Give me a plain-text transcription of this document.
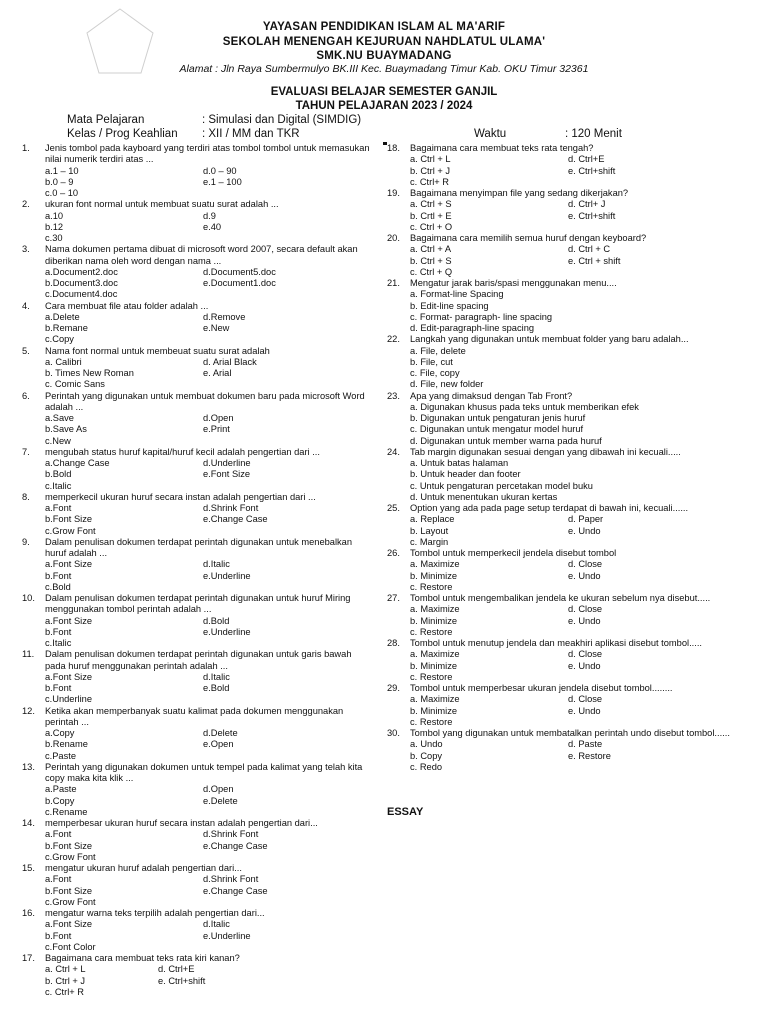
YAYASAN PENDIDIKAN ISLAM AL MA'ARIF
SEKOLAH MENENGAH KEJURUAN NAHDLATUL ULAMA'
SMK.NU BUAYMADANG
Alamat : Jln Raya Sumbermulyo BK.III Kec. Buaymadang Timur Kab. OKU Timur 32361
EVALUASI BELAJAR SEMESTER GANJIL
TAHUN PELAJARAN 2023 / 2024
Mata Pelajaran	: Simulasi dan Digital (SIMDIG)
Kelas / Prog Keahlian : XII / MM dan TKR	Waktu	: 120 Menit
1. Jenis tombol pada kayboard yang terdiri atas tombol tombol untuk memasukan nilai numerik terdiri atas ...
a.1 – 10	d.0 – 90
b.0 – 9	e.1 – 100
c.0 – 10
2. ukuran font normal untuk membuat suatu surat adalah ...
a.10	d.9
b.12	e.40
c.30
3. Nama dokumen pertama dibuat di microsoft word 2007, secara default akan diberikan nama oleh word dengan nama ...
a.Document2.doc	d.Document5.doc
b.Document3.doc	e.Document1.doc
c.Document4.doc
4. Cara membuat file atau folder adalah ...
a.Delete	d.Remove
b.Remane	e.New
c.Copy
5. Nama font normal untuk membeuat suatu surat adalah
a. Calibri	d. Arial Black
b. Times New Roman	e. Arial
c. Comic Sans
6. Perintah yang digunakan untuk membuat dokumen baru pada microsoft Word adalah ...
a.Save	d.Open
b.Save As	e.Print
c.New
7. mengubah status huruf kapital/huruf kecil adalah pengertian dari ...
a.Change Case	d.Underline
b.Bold	e.Font Size
c.Italic
8. memperkecil ukuran huruf secara instan adalah pengertian dari ...
a.Font	d.Shrink Font
b.Font Size	e.Change Case
c.Grow Font
9. Dalam penulisan dokumen terdapat perintah digunakan untuk menebalkan huruf adalah ...
a.Font Size	d.Italic
b.Font	e.Underline
c.Bold
10. Dalam penulisan dokumen terdapat perintah digunakan untuk huruf Miring menggunakan tombol perintah adalah ...
a.Font Size	d.Bold
b.Font	e.Underline
c.Italic
11. Dalam penulisan dokumen terdapat perintah digunakan untuk garis bawah pada huruf menggunakan perintah adalah ...
a.Font Size	d.Italic
b.Font	e.Bold
c.Underline
12. Ketika akan memperbanyak suatu kalimat pada dokumen menggunakan perintah ...
a.Copy	d.Delete
b.Rename	e.Open
c.Paste
13. Perintah yang digunakan dokumen untuk tempel pada kalimat yang telah kita copy maka kita klik ...
a.Paste	d.Open
b.Copy	e.Delete
c.Rename
14. memperbesar ukuran huruf secara instan adalah pengertian dari...
a.Font	d.Shrink Font
b.Font Size	e.Change Case
c.Grow Font
15. mengatur ukuran huruf adalah pengertian dari...
a.Font	d.Shrink Font
b.Font Size	e.Change Case
c.Grow Font
16. mengatur warna teks terpilih adalah pengertian dari...
a.Font Size	d.Italic
b.Font	e.Underline
c.Font Color
17. Bagaimana cara membuat teks rata kiri kanan?
a. Ctrl + L	d. Ctrl+E
b. Ctrl + J	e. Ctrl+shift
c. Ctrl+ R
18. Bagaimana cara membuat teks rata tengah?
a. Ctrl + L	d. Ctrl+E
b. Ctrl + J	e. Ctrl+shift
c. Ctrl+ R
19. Bagaimana menyimpan file yang sedang dikerjakan?
a. Ctrl + S	d. Ctrl+ J
b. Crtl + E	e. Ctrl+shift
c. Ctrl + O
20. Bagaimana cara memilih semua huruf dengan keyboard?
a. Ctrl + A	d. Ctrl + C
b. Ctrl + S	e. Ctrl + shift
c. Ctrl + Q
21. Mengatur jarak baris/spasi menggunakan menu....
a. Format-line Spacing
b. Edit-line spacing
c. Format- paragraph- line spacing
d. Edit-paragraph-line spacing
22. Langkah yang digunakan untuk membuat folder yang baru adalah...
a. File, delete
b. File, cut
c. File, copy
d. File, new folder
23. Apa yang dimaksud dengan Tab Front?
a. Digunakan khusus pada teks untuk memberikan efek
b. Digunakan untuk pengaturan jenis huruf
c. Digunakan untuk mengatur model huruf
d. Digunakan untuk member warna pada huruf
24. Tab margin digunakan sesuai dengan yang dibawah ini kecuali.....
a. Untuk batas halaman
b. Untuk header dan footer
c. Untuk pengaturan percetakan model buku
d. Untuk menentukan ukuran kertas
25. Option yang ada pada page setup terdapat di bawah ini, kecuali......
a. Replace	d. Paper
b. Layout	e. Undo
c. Margin
26. Tombol untuk memperkecil jendela disebut tombol
a. Maximize	d. Close
b. Minimize	e. Undo
c. Restore
27. Tombol untuk mengembalikan jendela ke ukuran sebelum nya disebut.....
a. Maximize	d. Close
b. Minimize	e. Undo
c. Restore
28. Tombol untuk menutup jendela dan meakhiri aplikasi disebut tombol.....
a. Maximize	d. Close
b. Minimize	e. Undo
c. Restore
29. Tombol untuk memperbesar ukuran jendela disebut tombol........
a. Maximize	d. Close
b. Minimize	e. Undo
c. Restore
30. Tombol yang digunakan untuk membatalkan perintah undo disebut tombol......
a. Undo	d. Paste
b. Copy	e. Restore
c. Redo
ESSAY
